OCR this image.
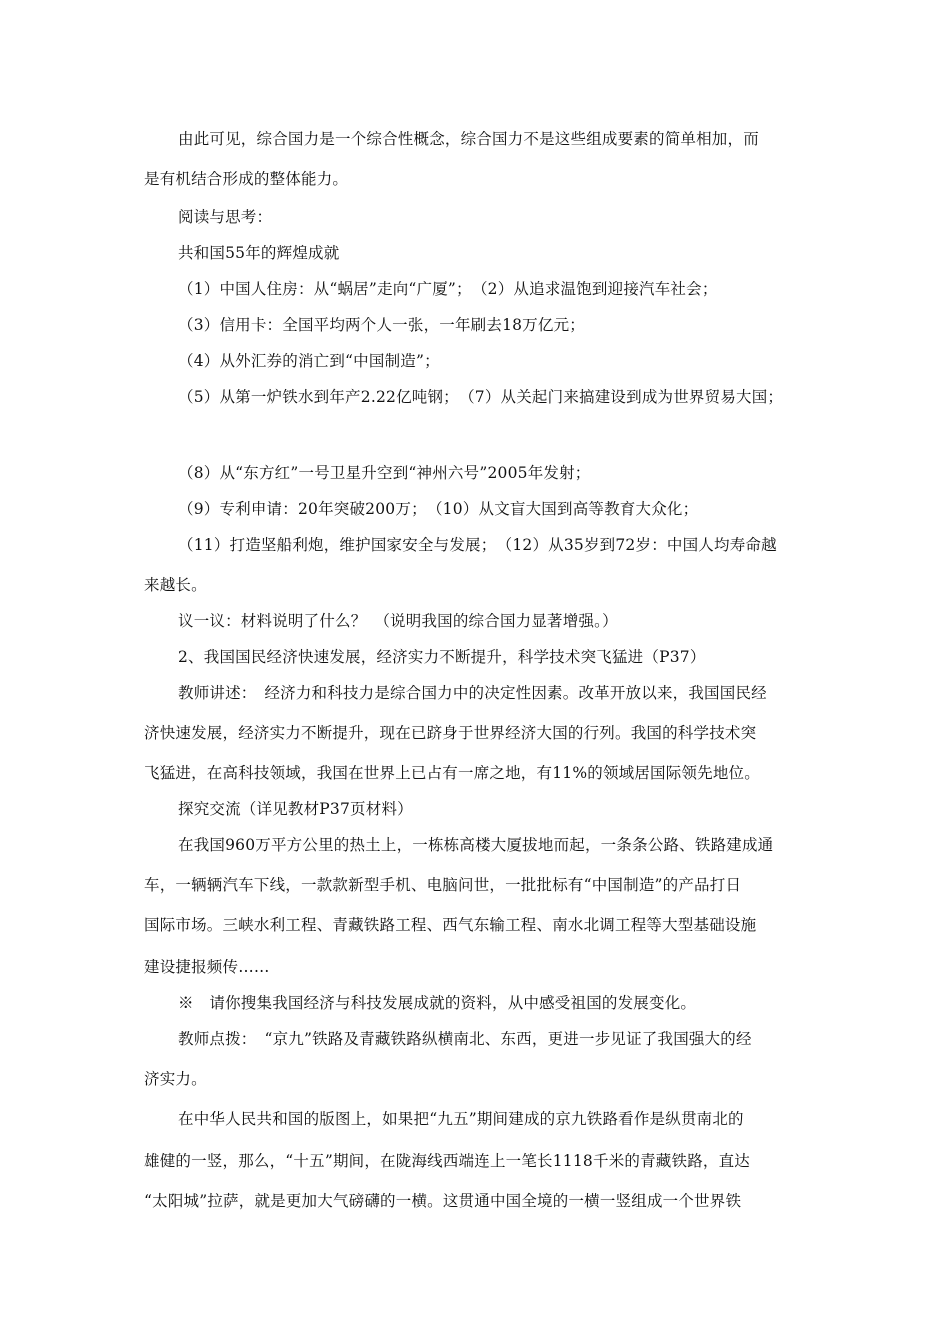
由此可见，综合国力是一个综合性概念，综合国力不是这些组成要素的简单相加，而
是有机结合形成的整体能力。
阅读与思考：
共和国55年的辉煌成就
（1）中国人住房：从“蜗居”走向“广厦”；　（2）从追求温饱到迎接汽车社会；
（3）信用卡：全国平均两个人一张，一年刷去18万亿元；
（4）从外汇券的消亡到“中国制造”；
（5）从第一炉铁水到年产2.22亿吨钢；　（7）从关起门来搞建设到成为世界贸易大国；
（8）从“东方红”一号卫星升空到“神州六号”2005年发射；
（9）专利申请：20年突破200万；　（10）从文盲大国到高等教育大众化；
（11）打造坚船利炮，维护国家安全与发展；　（12）从35岁到72岁：中国人均寿命越
来越长。
议一议：材料说明了什么？　（说明我国的综合国力显著增强。）
2、我国国民经济快速发展，经济实力不断提升，科学技术突飞猛进（P37）
教师讲述：　经济力和科技力是综合国力中的决定性因素。改革开放以来，我国国民经
济快速发展，经济实力不断提升，现在已跻身于世界经济大国的行列。我国的科学技术突
飞猛进，在高科技领域，我国在世界上已占有一席之地，有11%的领域居国际领先地位。
探究交流（详见教材P37页材料）
在我国960万平方公里的热土上，一栋栋高楼大厦拔地而起，一条条公路、铁路建成通
车，一辆辆汽车下线，一款款新型手机、电脑问世，一批批标有“中国制造”的产品打日
国际市场。三峡水利工程、青藏铁路工程、西气东输工程、南水北调工程等大型基础设施
建设捷报频传……
※　请你搜集我国经济与科技发展成就的资料，从中感受祖国的发展变化。
教师点拨：　“京九”铁路及青藏铁路纵横南北、东西，更进一步见证了我国强大的经
济实力。
在中华人民共和国的版图上，如果把“九五”期间建成的京九铁路看作是纵贯南北的
雄健的一竖，那么，“十五”期间，在陇海线西端连上一笔长1118千米的青藏铁路，直达
“太阳城”拉萨，就是更加大气磅礴的一横。这贯通中国全境的一横一竖组成一个世界铁
